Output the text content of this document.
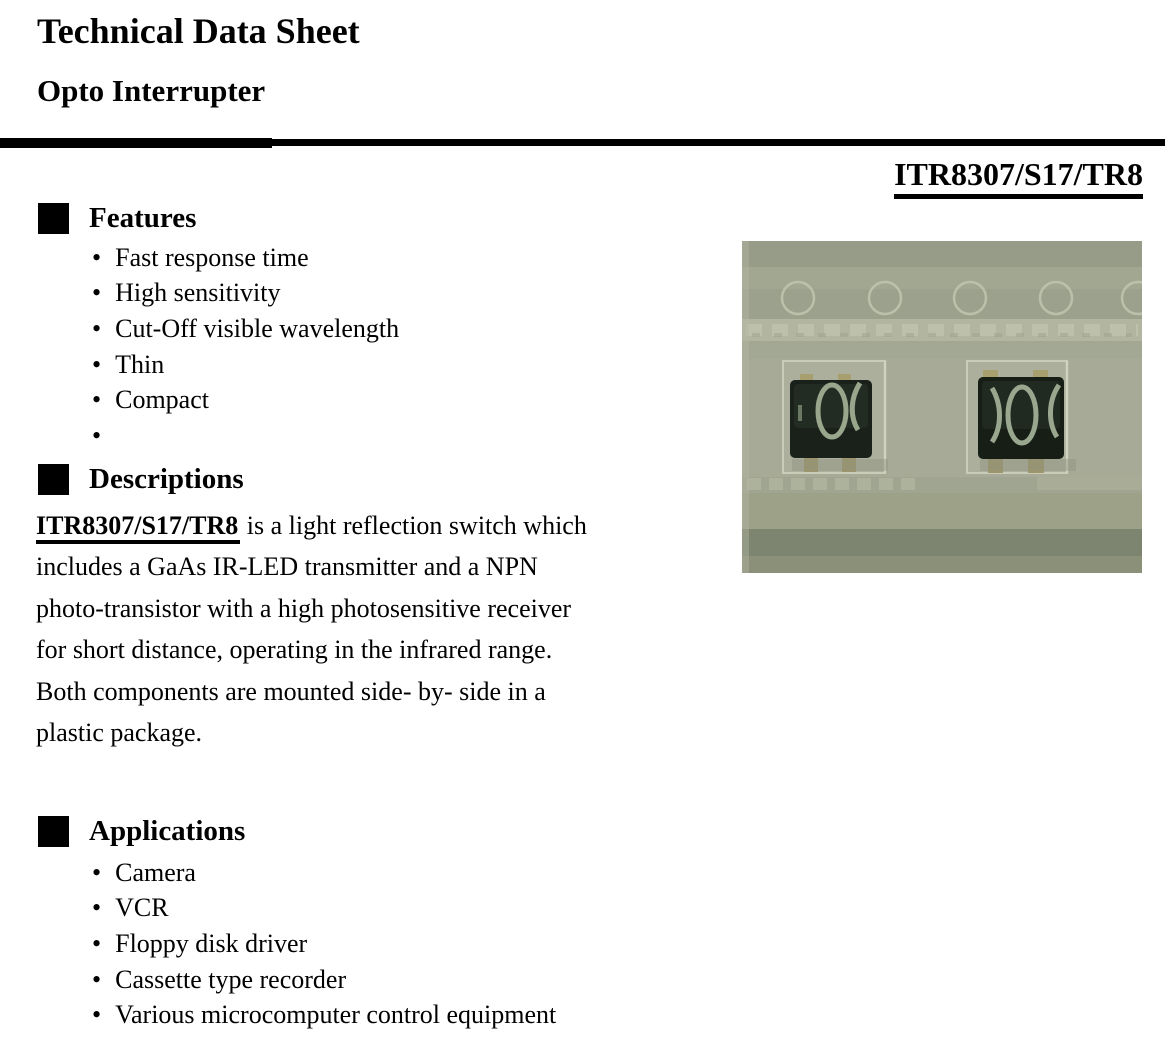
Technical Data Sheet
Opto Interrupter
ITR8307/S17/TR8
Features
• Fast response time
• High sensitivity
• Cut-Off visible wavelength
• Thin
• Compact
•
Descriptions

ITR8307/S17/TR8 is a light reflection switch which includes a GaAs IR-LED transmitter and a NPN photo-transistor with a high photosensitive receiver for short distance, operating in the infrared range. Both components are mounted side- by- side in a plastic package.

Applications
• Camera
• VCR
• Floppy disk driver
• Cassette type recorder
• Various microcomputer control equipment
